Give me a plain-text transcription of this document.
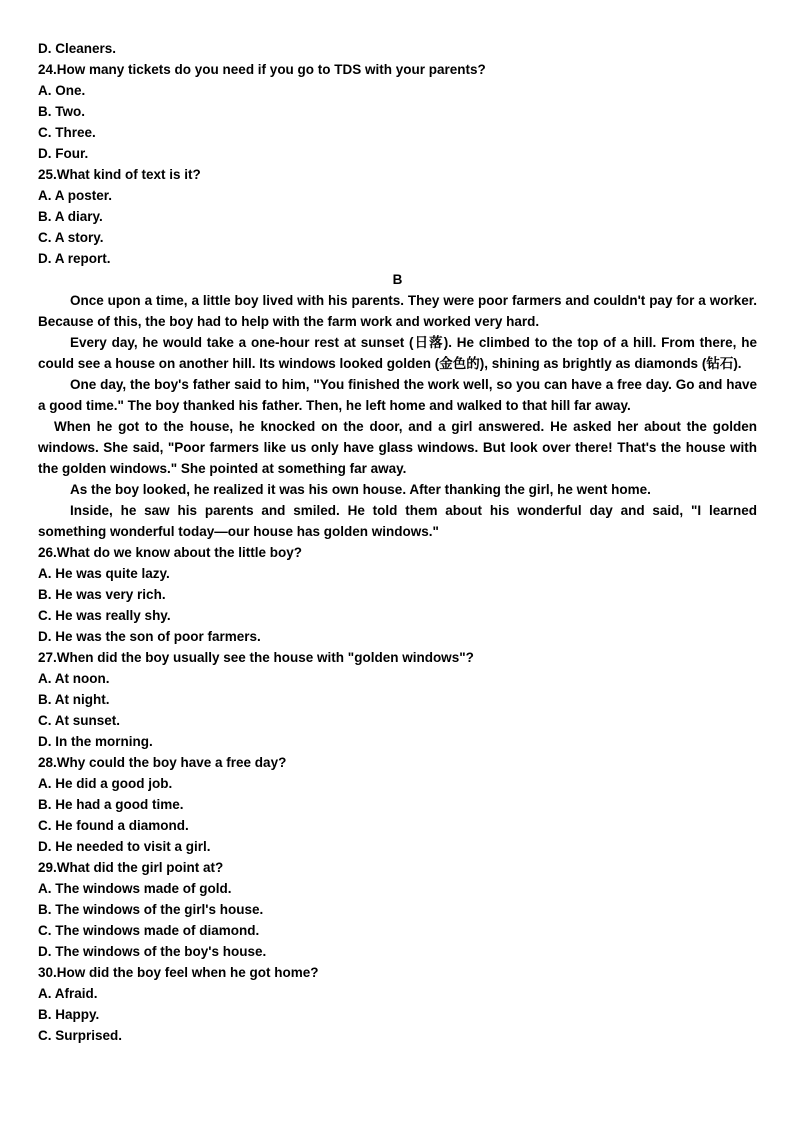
D. Cleaners.
24.How many tickets do you need if you go to TDS with your parents?
A. One.
B. Two.
C. Three.
D. Four.
25.What kind of text is it?
A. A poster.
B. A diary.
C. A story.
D. A report.
B
Once upon a time, a little boy lived with his parents. They were poor farmers and couldn't pay for a worker. Because of this, the boy had to help with the farm work and worked very hard.
Every day, he would take a one-hour rest at sunset (日落). He climbed to the top of a hill. From there, he could see a house on another hill. Its windows looked golden (金色的), shining as brightly as diamonds (钻石).
One day, the boy's father said to him, "You finished the work well, so you can have a free day. Go and have a good time." The boy thanked his father. Then, he left home and walked to that hill far away.
When he got to the house, he knocked on the door, and a girl answered. He asked her about the golden windows. She said, "Poor farmers like us only have glass windows. But look over there! That's the house with the golden windows." She pointed at something far away.
As the boy looked, he realized it was his own house. After thanking the girl, he went home.
Inside, he saw his parents and smiled. He told them about his wonderful day and said, "I learned something wonderful today—our house has golden windows."
26.What do we know about the little boy?
A. He was quite lazy.
B. He was very rich.
C. He was really shy.
D. He was the son of poor farmers.
27.When did the boy usually see the house with "golden windows"?
A. At noon.
B. At night.
C. At sunset.
D. In the morning.
28.Why could the boy have a free day?
A. He did a good job.
B. He had a good time.
C. He found a diamond.
D. He needed to visit a girl.
29.What did the girl point at?
A. The windows made of gold.
B. The windows of the girl's house.
C. The windows made of diamond.
D. The windows of the boy's house.
30.How did the boy feel when he got home?
A. Afraid.
B. Happy.
C. Surprised.
